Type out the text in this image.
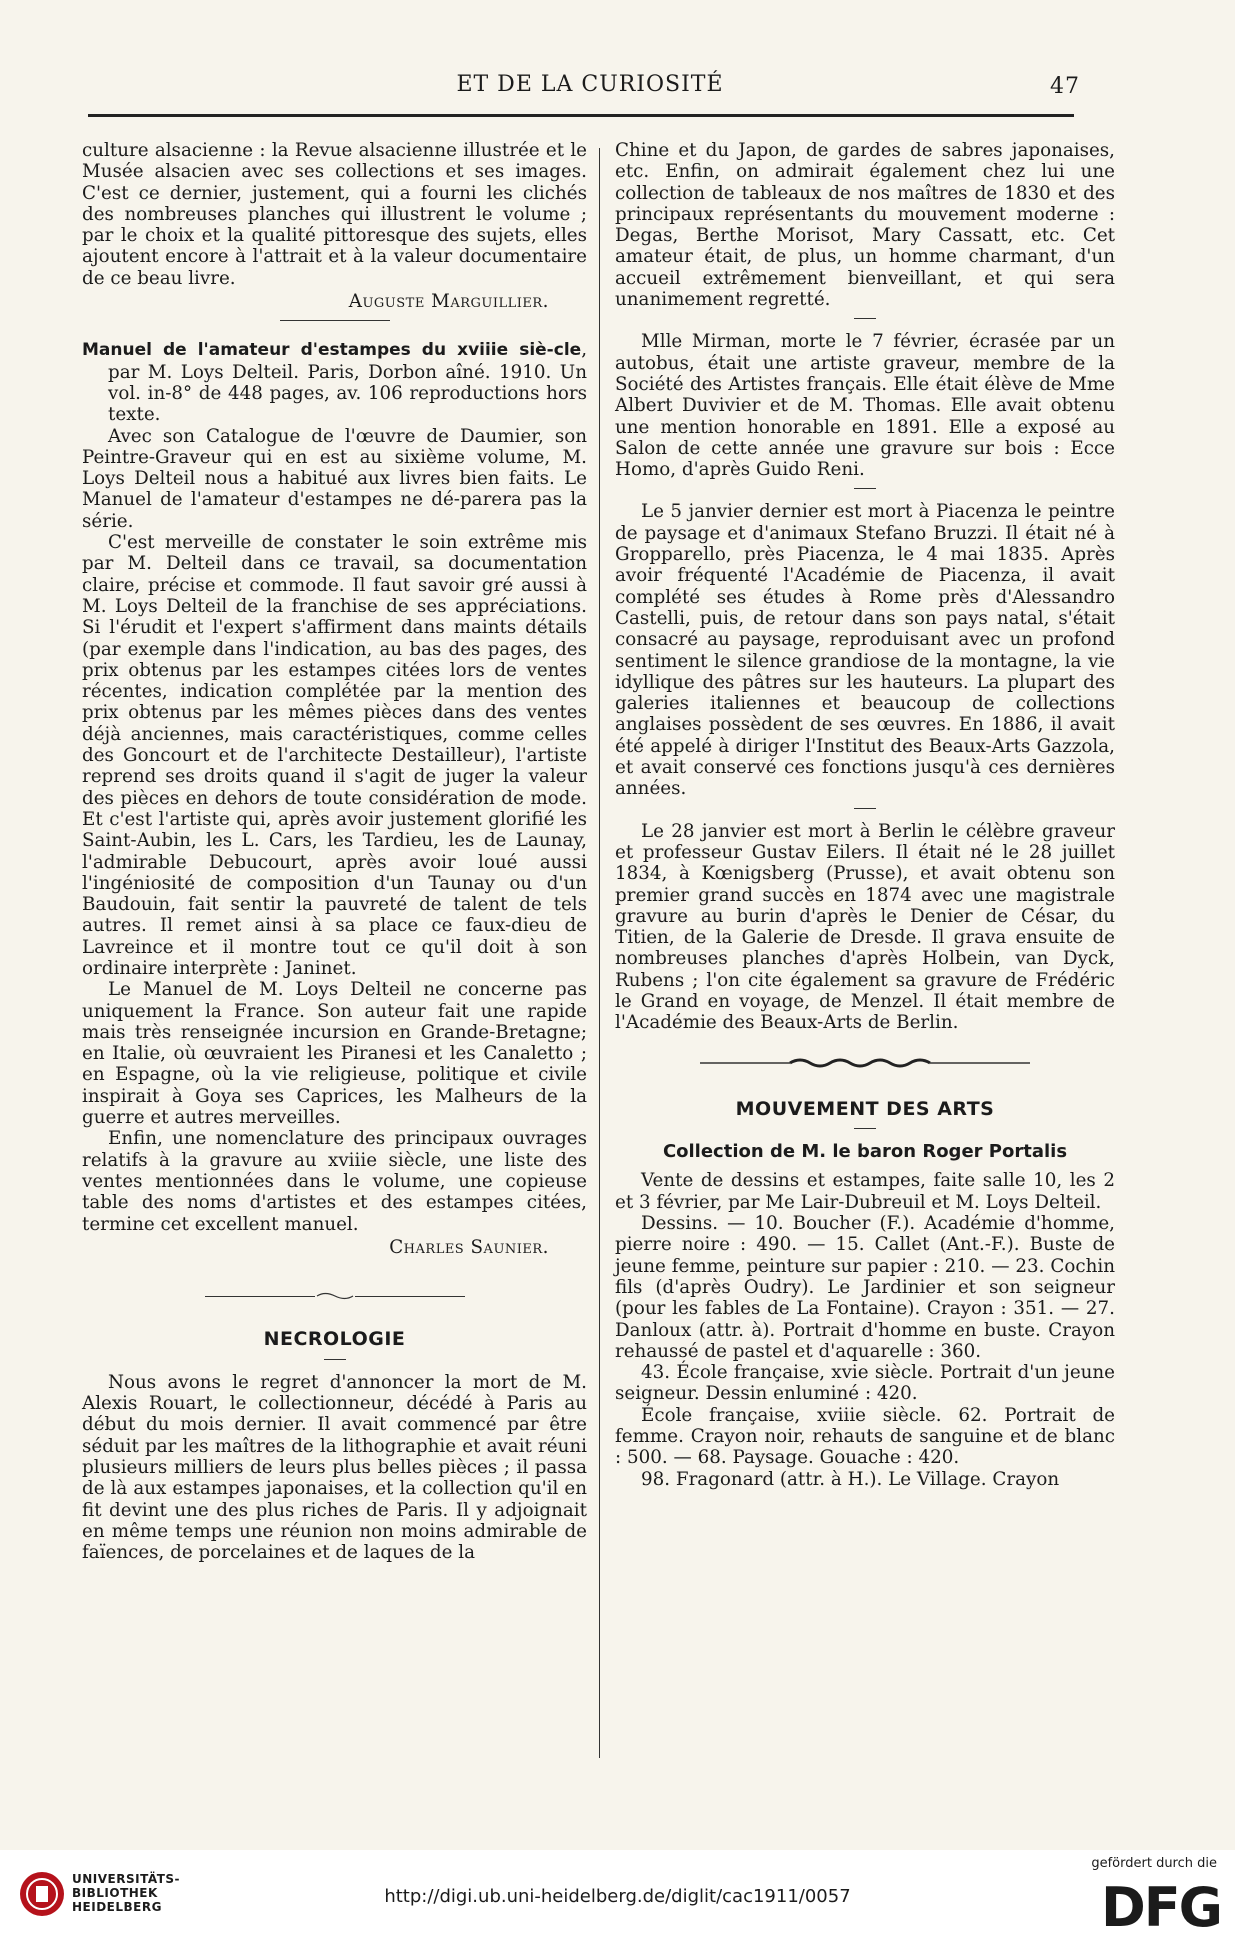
ET DE LA CURIOSITÉ	47

culture alsacienne : la Revue alsacienne illustrée et le Musée alsacien avec ses collections et ses images. C'est ce dernier, justement, qui a fourni les clichés des nombreuses planches qui illustrent le volume ; par le choix et la qualité pittoresque des sujets, elles ajoutent encore à l'attrait et à la valeur documentaire de ce beau livre.

Auguste Marguillier.

Manuel de l'amateur d'estampes du xviiie siè-cle, par M. Loys Delteil. Paris, Dorbon aîné. 1910. Un vol. in-8° de 448 pages, av. 106 reproductions hors texte.

Avec son Catalogue de l'œuvre de Daumier, son Peintre-Graveur qui en est au sixième volume, M. Loys Delteil nous a habitué aux livres bien faits. Le Manuel de l'amateur d'estampes ne dé-parera pas la série.

C'est merveille de constater le soin extrême mis par M. Delteil dans ce travail, sa documentation claire, précise et commode. Il faut savoir gré aussi à M. Loys Delteil de la franchise de ses appréciations. Si l'érudit et l'expert s'affirment dans maints détails (par exemple dans l'indication, au bas des pages, des prix obtenus par les estampes citées lors de ventes récentes, indication complétée par la mention des prix obtenus par les mêmes pièces dans des ventes déjà anciennes, mais caractéristiques, comme celles des Goncourt et de l'architecte Destailleur), l'artiste reprend ses droits quand il s'agit de juger la valeur des pièces en dehors de toute considération de mode. Et c'est l'artiste qui, après avoir justement glorifié les Saint-Aubin, les L. Cars, les Tardieu, les de Launay, l'admirable Debucourt, après avoir loué aussi l'ingéniosité de composition d'un Taunay ou d'un Baudouin, fait sentir la pauvreté de talent de tels autres. Il remet ainsi à sa place ce faux-dieu de Lavreince et il montre tout ce qu'il doit à son ordinaire interprète : Janinet.

Le Manuel de M. Loys Delteil ne concerne pas uniquement la France. Son auteur fait une rapide mais très renseignée incursion en Grande-Bretagne; en Italie, où œuvraient les Piranesi et les Canaletto ; en Espagne, où la vie religieuse, politique et civile inspirait à Goya ses Caprices, les Malheurs de la guerre et autres merveilles.

Enfin, une nomenclature des principaux ouvrages relatifs à la gravure au xviiie siècle, une liste des ventes mentionnées dans le volume, une copieuse table des noms d'artistes et des estampes citées, termine cet excellent manuel.

Charles Saunier.
NECROLOGIE

Nous avons le regret d'annoncer la mort de M. Alexis Rouart, le collectionneur, décédé à Paris au début du mois dernier. Il avait commencé par être séduit par les maîtres de la lithographie et avait réuni plusieurs milliers de leurs plus belles pièces ; il passa de là aux estampes japonaises, et la collection qu'il en fit devint une des plus riches de Paris. Il y adjoignait en même temps une réunion non moins admirable de faïences, de porcelaines et de laques de la

Chine et du Japon, de gardes de sabres japonaises, etc. Enfin, on admirait également chez lui une collection de tableaux de nos maîtres de 1830 et des principaux représentants du mouvement moderne : Degas, Berthe Morisot, Mary Cassatt, etc. Cet amateur était, de plus, un homme charmant, d'un accueil extrêmement bienveillant, et qui sera unanimement regretté.

Mlle Mirman, morte le 7 février, écrasée par un autobus, était une artiste graveur, membre de la Société des Artistes français. Elle était élève de Mme Albert Duvivier et de M. Thomas. Elle avait obtenu une mention honorable en 1891. Elle a exposé au Salon de cette année une gravure sur bois : Ecce Homo, d'après Guido Reni.

Le 5 janvier dernier est mort à Piacenza le peintre de paysage et d'animaux Stefano Bruzzi. Il était né à Gropparello, près Piacenza, le 4 mai 1835. Après avoir fréquenté l'Académie de Piacenza, il avait complété ses études à Rome près d'Alessandro Castelli, puis, de retour dans son pays natal, s'était consacré au paysage, reproduisant avec un profond sentiment le silence grandiose de la montagne, la vie idyllique des pâtres sur les hauteurs. La plupart des galeries italiennes et beaucoup de collections anglaises possèdent de ses œuvres. En 1886, il avait été appelé à diriger l'Institut des Beaux-Arts Gazzola, et avait conservé ces fonctions jusqu'à ces dernières années.

Le 28 janvier est mort à Berlin le célèbre graveur et professeur Gustav Eilers. Il était né le 28 juillet 1834, à Kœnigsberg (Prusse), et avait obtenu son premier grand succès en 1874 avec une magistrale gravure au burin d'après le Denier de César, du Titien, de la Galerie de Dresde. Il grava ensuite de nombreuses planches d'après Holbein, van Dyck, Rubens ; l'on cite également sa gravure de Frédéric le Grand en voyage, de Menzel. Il était membre de l'Académie des Beaux-Arts de Berlin.

MOUVEMENT DES ARTS
Collection de M. le baron Roger Portalis

Vente de dessins et estampes, faite salle 10, les 2 et 3 février, par Me Lair-Dubreuil et M. Loys Delteil.

Dessins. — 10. Boucher (F.). Académie d'homme, pierre noire : 490. — 15. Callet (Ant.-F.). Buste de jeune femme, peinture sur papier : 210. — 23. Cochin fils (d'après Oudry). Le Jardinier et son seigneur (pour les fables de La Fontaine). Crayon : 351. — 27. Danloux (attr. à). Portrait d'homme en buste. Crayon rehaussé de pastel et d'aquarelle : 360.

43. École française, xvie siècle. Portrait d'un jeune seigneur. Dessin enluminé : 420.

École française, xviiie siècle. 62. Portrait de femme. Crayon noir, rehauts de sanguine et de blanc : 500. — 68. Paysage. Gouache : 420.

98. Fragonard (attr. à H.). Le Village. Crayon

UNIVERSITÄTS-
BIBLIOTHEK
HEIDELBERG	http://digi.ub.uni-heidelberg.de/diglit/cac1911/0057
gefördert durch die
DFG
